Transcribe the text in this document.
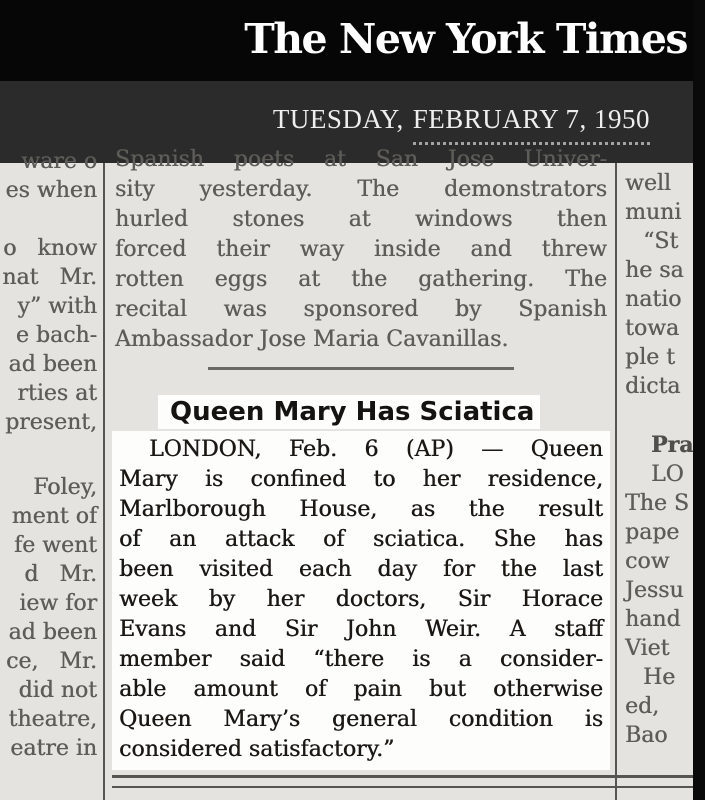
The New York Times
TUESDAY, FEBRUARY 7, 1950
ware o
es when
o know
nat Mr.
y” with
e bach-
ad been
rties at
present,
Foley,
ment of
fe went
d Mr.
iew for
ad been
ce, Mr.
did not
theatre,
eatre in
Spanish poets at San Jose Univer-
sity yesterday. The demonstrators
hurled stones at windows then
forced their way inside and threw
rotten eggs at the gathering. The
recital was sponsored by Spanish
Ambassador Jose Maria Cavanillas.
Queen Mary Has Sciatica
LONDON, Feb. 6 (AP) — Queen
Mary is confined to her residence,
Marlborough House, as the result
of an attack of sciatica. She has
been visited each day for the last
week by her doctors, Sir Horace
Evans and Sir John Weir. A staff
member said “there is a consider-
able amount of pain but otherwise
Queen Mary’s general condition is
considered satisfactory.”
well
muni
“St
he sa
natio
towa
ple t
dicta
Pra
LO
The S
pape
cow
Jessu
hand
Viet
He
ed,
Bao
